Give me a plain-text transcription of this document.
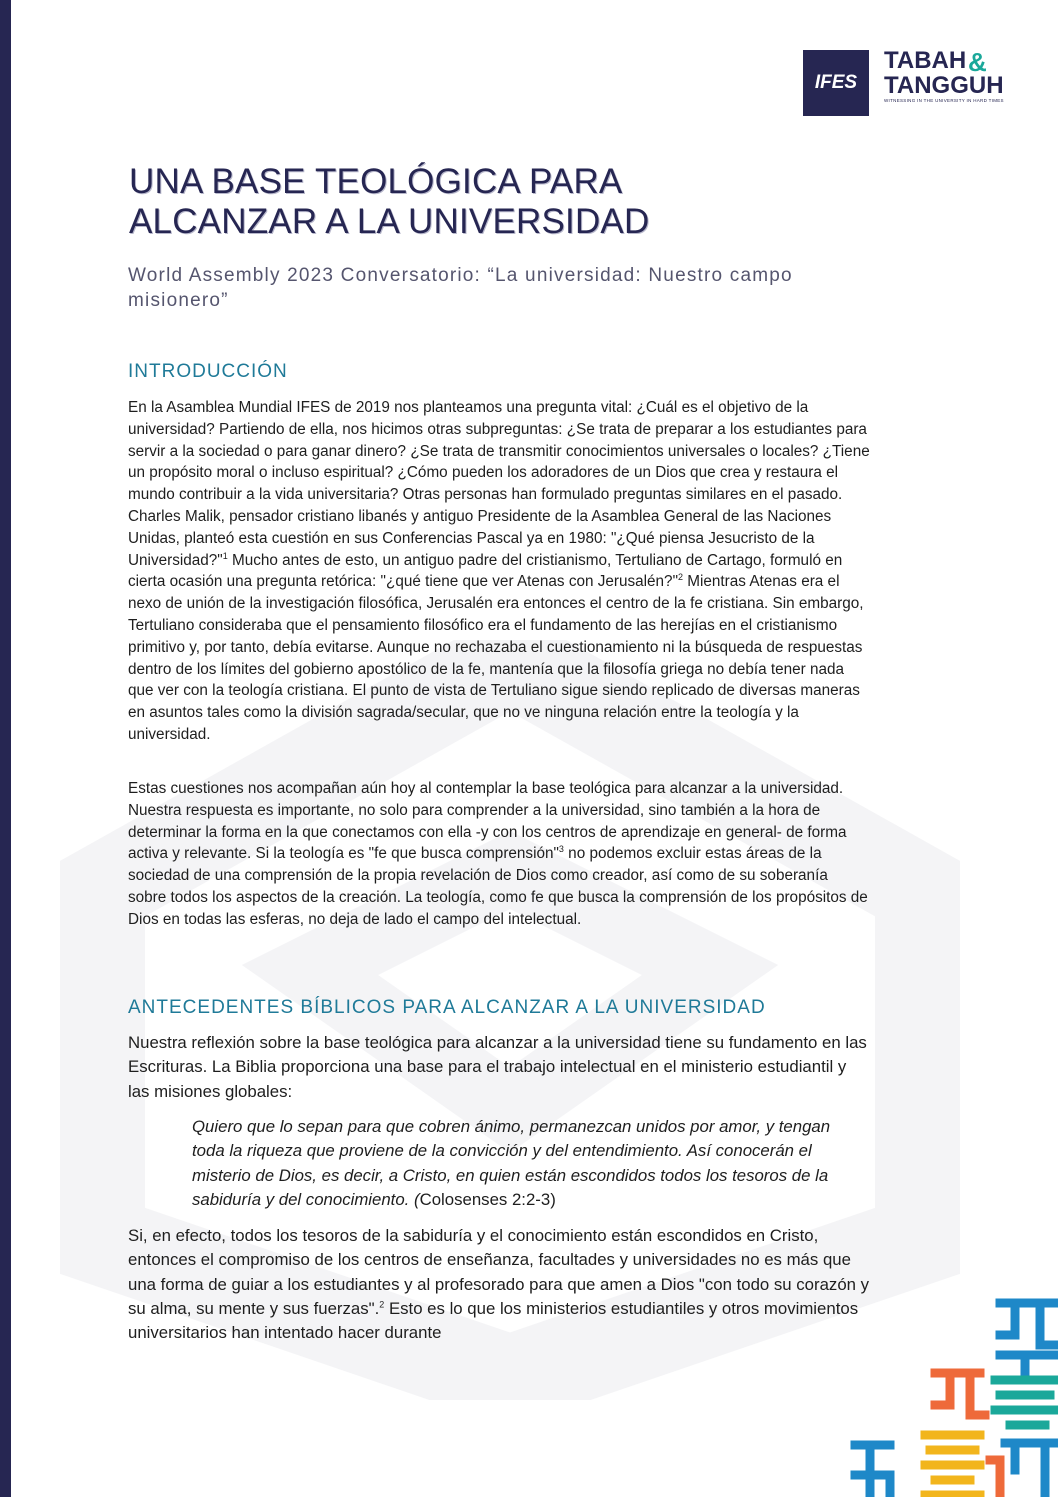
IFES
TABAH &
TANGGUH
WITNESSING IN THE UNIVERSITY IN HARD TIMES
UNA BASE TEOLÓGICA PARA
ALCANZAR A LA UNIVERSIDAD
World Assembly 2023 Conversatorio: “La universidad: Nuestro campo misionero”
INTRODUCCIÓN

En la Asamblea Mundial IFES de 2019 nos planteamos una pregunta vital: ¿Cuál es el objetivo de la universidad? Partiendo de ella, nos hicimos otras subpreguntas: ¿Se trata de preparar a los estudiantes para servir a la sociedad o para ganar dinero? ¿Se trata de transmitir conocimientos universales o locales? ¿Tiene un propósito moral o incluso espiritual? ¿Cómo pueden los adoradores de un Dios que crea y restaura el mundo contribuir a la vida universitaria? Otras personas han formulado preguntas similares en el pasado. Charles Malik, pensador cristiano libanés y antiguo Presidente de la Asamblea General de las Naciones Unidas, planteó esta cuestión en sus Conferencias Pascal ya en 1980: "¿Qué piensa Jesucristo de la Universidad?"$^1$ Mucho antes de esto, un antiguo padre del cristianismo, Tertuliano de Cartago, formuló en cierta ocasión una pregunta retórica: "¿qué tiene que ver Atenas con Jerusalén?"$^2$ Mientras Atenas era el nexo de unión de la investigación filosófica, Jerusalén era entonces el centro de la fe cristiana. Sin embargo, Tertuliano consideraba que el pensamiento filosófico era el fundamento de las herejías en el cristianismo primitivo y, por tanto, debía evitarse. Aunque no rechazaba el cuestionamiento ni la búsqueda de respuestas dentro de los límites del gobierno apostólico de la fe, mantenía que la filosofía griega no debía tener nada que ver con la teología cristiana. El punto de vista de Tertuliano sigue siendo replicado de diversas maneras en asuntos tales como la división sagrada/secular, que no ve ninguna relación entre la teología y la universidad.

Estas cuestiones nos acompañan aún hoy al contemplar la base teológica para alcanzar a la universidad. Nuestra respuesta es importante, no solo para comprender a la universidad, sino también a la hora de determinar la forma en la que conectamos con ella -y con los centros de aprendizaje en general- de forma activa y relevante. Si la teología es "fe que busca comprensión"$^3$ no podemos excluir estas áreas de la sociedad de una comprensión de la propia revelación de Dios como creador, así como de su soberanía sobre todos los aspectos de la creación. La teología, como fe que busca la comprensión de los propósitos de Dios en todas las esferas, no deja de lado el campo del intelectual.

ANTECEDENTES BÍBLICOS PARA ALCANZAR A LA UNIVERSIDAD

Nuestra reflexión sobre la base teológica para alcanzar a la universidad tiene su fundamento en las Escrituras. La Biblia proporciona una base para el trabajo intelectual en el ministerio estudiantil y las misiones globales:

Quiero que lo sepan para que cobren ánimo, permanezcan unidos por amor, y tengan toda la riqueza que proviene de la convicción y del entendimiento. Así conocerán el misterio de Dios, es decir, a Cristo, en quien están escondidos todos los tesoros de la sabiduría y del conocimiento. (Colosenses 2:2-3)

Si, en efecto, todos los tesoros de la sabiduría y el conocimiento están escondidos en Cristo, entonces el compromiso de los centros de enseñanza, facultades y universidades no es más que una forma de guiar a los estudiantes y al profesorado para que amen a Dios "con todo su corazón y su alma, su mente y sus fuerzas".$^2$ Esto es lo que los ministerios estudiantiles y otros movimientos universitarios han intentado hacer durante
